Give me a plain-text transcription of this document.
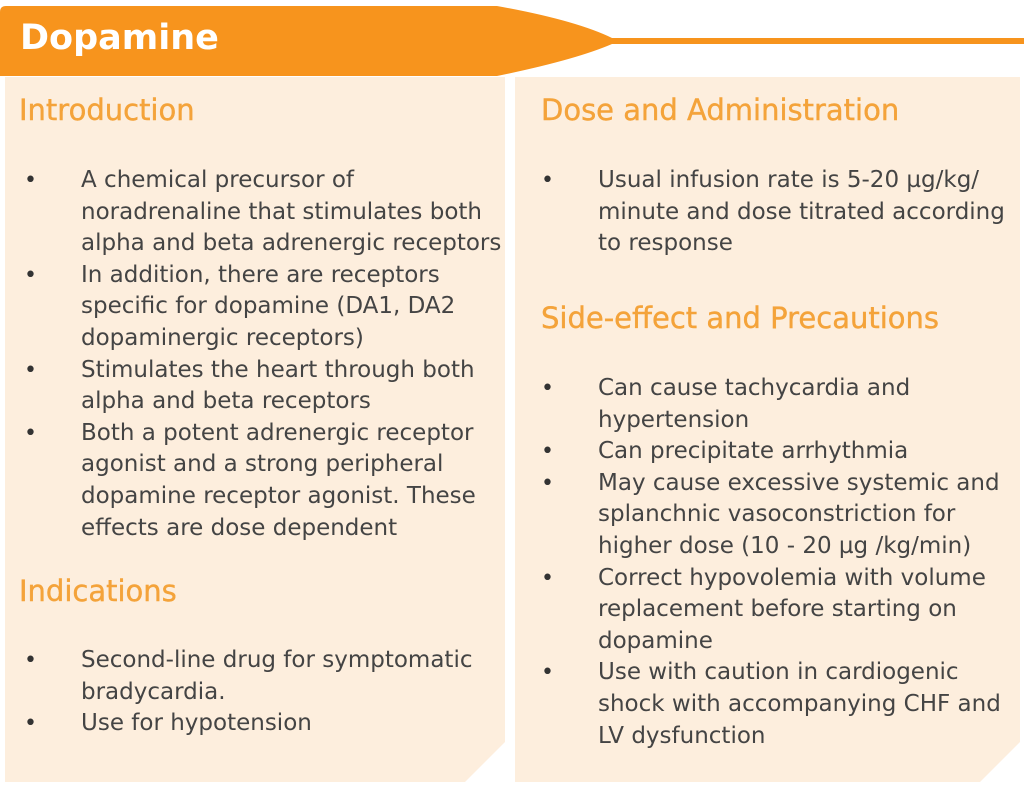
Dopamine
Introduction
• A chemical precursor of noradrenaline that stimulates both alpha and beta adrenergic receptors
• In addition, there are receptors specific for dopamine (DA1, DA2 dopaminergic receptors)
• Stimulates the heart through both alpha and beta receptors
• Both a potent adrenergic receptor agonist and a strong peripheral dopamine receptor agonist. These effects are dose dependent
Indications
• Second-line drug for symptomatic bradycardia.
• Use for hypotension
Dose and Administration
• Usual infusion rate is 5-20 µg/kg/ minute and dose titrated according to response
Side-effect and Precautions
• Can cause tachycardia and hypertension
• Can precipitate arrhythmia
• May cause excessive systemic and splanchnic vasoconstriction for higher dose (10 - 20 µg /kg/min)
• Correct hypovolemia with volume replacement before starting on dopamine
• Use with caution in cardiogenic shock with accompanying CHF and LV dysfunction
